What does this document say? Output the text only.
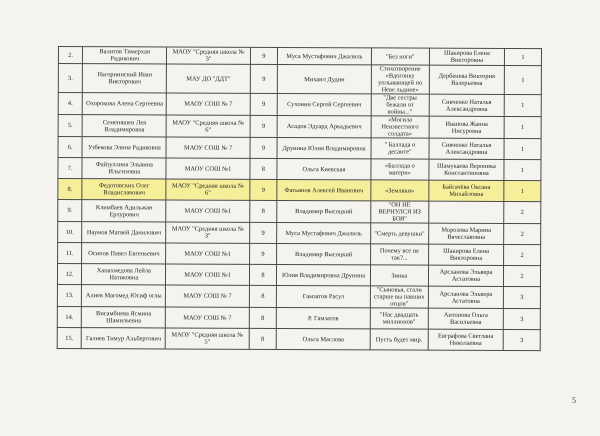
2.	Валитов Тимерхан Радикович	МАОУ "Средняя школа № 3"	9	Муса Мустафович Джалиль	"Без ноги"	Шакирова Елена Викторовна	1
3.	Нагорнинский Иван Викторович	МАУ ДО "ДДТ"	9	Михаил Дудин	Стихотворение «Вдогонку уплывающей по Неве льдине»	Дербенева Виктория Валерьевна	1
4.	Охорокова Алена Сергеевна	МАОУ СОШ № 7	9	Сухонин Сергей Сергеевич	"Две сестры бежали от войны..."	Сивченко Наталья Александровна	1
5.	Семеняшен Лея Владимировна	МАОУ "Средняя школа № 6"	9	Асадов Эдуард Аркадьевич	«Могила Неизвестного солдата»	Иванова Жанна Нисуровна	1
6.	Узбекова Элина Радиковна	МАОУ СОШ № 7	9	Друнина Юлия Владимировна	" Баллада о десанте"	Сивченко Наталья Александровна	1
7.	Файзуллина Эльвина Ильгизовна	МАОУ СОШ №1	8	Ольга Киевская	«Баллада о матери»	Шамукаева Вероника Константиновна	1
8.	Федотовских Олег Владиславович	МАОУ "Средняя школа № 6"	9	Фатьянов Алексей Иванович	«Земляки»	Байгачёва Оксана Михайловна	1
9.	Климбаев Адильжан Ерлурович	МАОУ СОШ №1	8	Владимир Высоцкий	"ОН НЕ ВЕРНУЛСЯ ИЗ БОЯ"		2
10.	Наумов Матвей Данилович	МАОУ "Средняя школа № 3"	9	Муса Мустафович Джалиль	"Смерть девушки"	Морозова Марина Вячеславовна	2
11.	Осипов Павел Евгеньевич	МАОУ СОШ №1	9	Владимир Высоцкий	Почему все не так?...	Шакирова Елена Викторовна	2
12.	Ханахмедова Лейла Натиковна	МАОУ СОШ №1	8	Юлия Владимировна Друнина	Зинка	Арсланова Эльвера Астатовна	2
13.	Алиев Магомед Юсиф оглы	МАОУ СОШ № 7	8	Гамзатов Расул	"Сыновья, стали старше вы павших отцов"	Арсланова Эльвера Астатовна	3
14.	Висамбиева Ясмина Шамильевна	МАОУ СОШ № 7	8	Р. Гамзатов	"Нас двадцать миллионов"	Антонова Ольга Васильевна	3
15.	Галиев Тимур Альбертович	МАОУ "Средняя школа № 5"	8	Ольга Маслова	Пусть будет мир.	Евграфова Светлана Николаевна	3
5
